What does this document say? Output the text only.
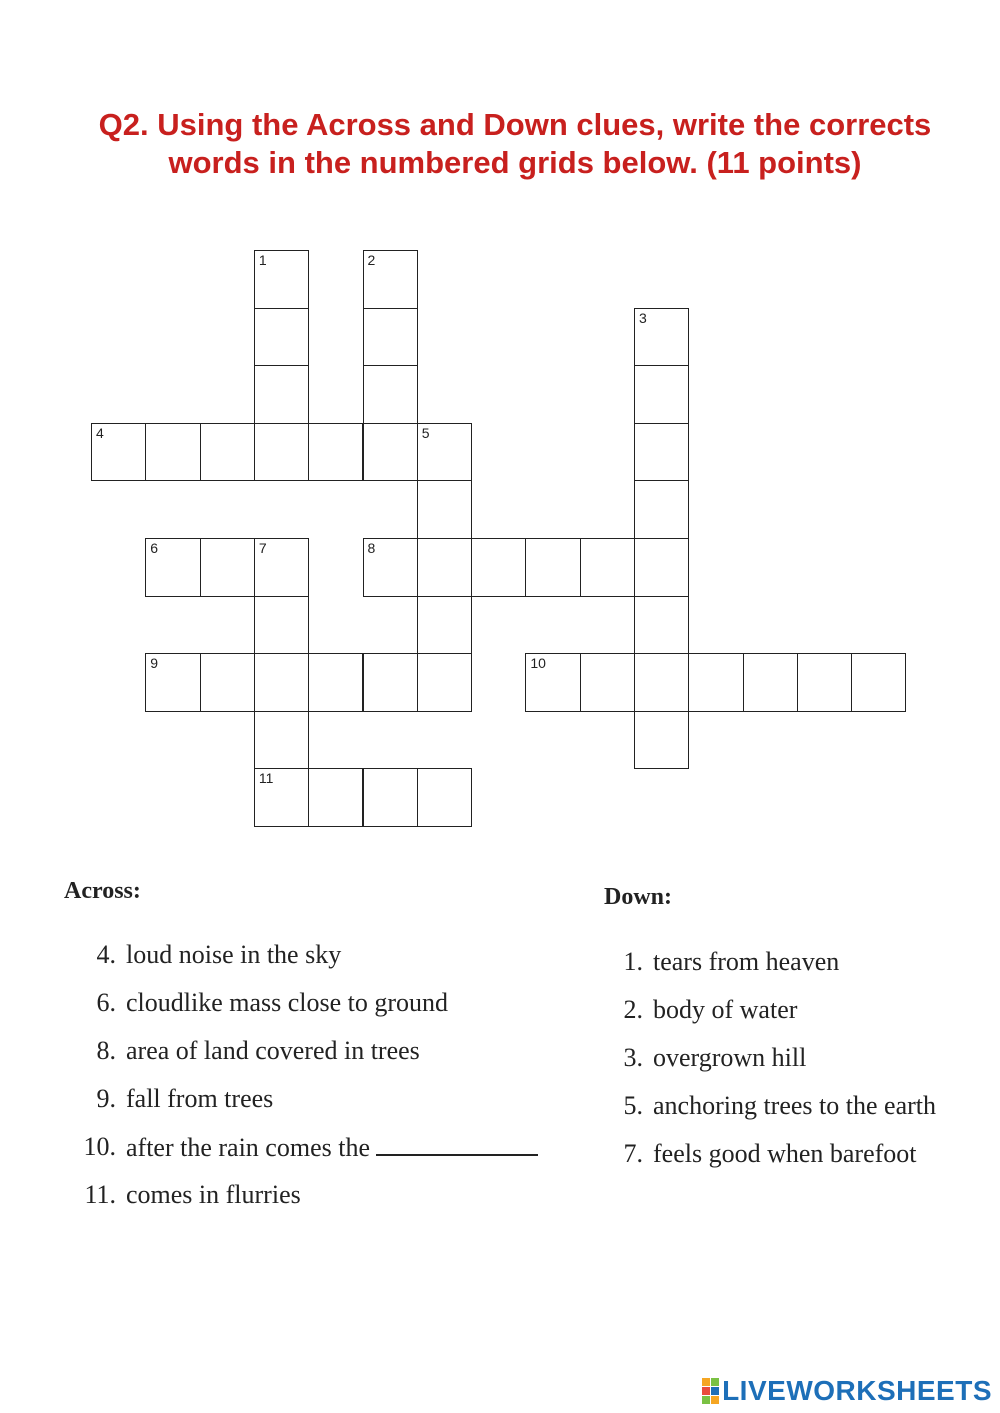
Q2. Using the Across and Down clues, write the corrects
words in the numbered grids below. (11 points)
1	2
3
4	5
6	7	8
9	10
11
Across:
4. loud noise in the sky
6. cloudlike mass close to ground
8. area of land covered in trees
9. fall from trees
10. after the rain comes the
11. comes in flurries
Down:
1. tears from heaven
2. body of water
3. overgrown hill
5. anchoring trees to the earth
7. feels good when barefoot
LIVEWORKSHEETS
